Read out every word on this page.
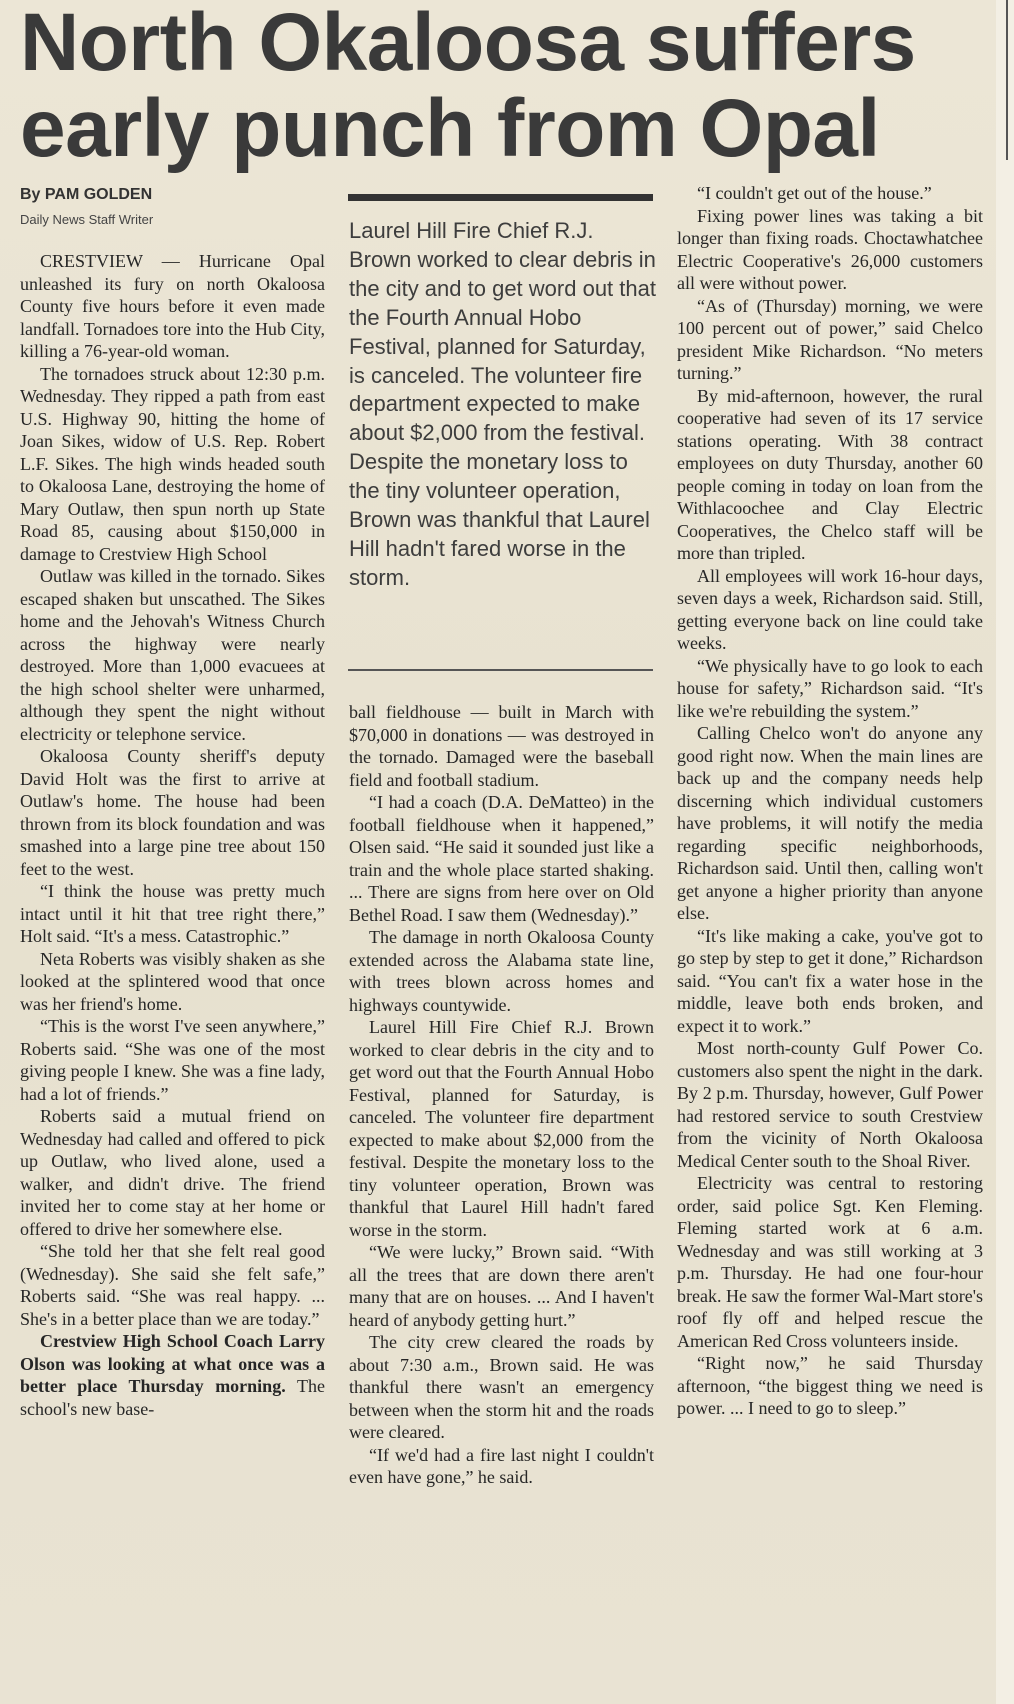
North Okaloosa suffers
early punch from Opal
By PAM GOLDEN
Daily News Staff Writer

CRESTVIEW — Hurricane Opal unleashed its fury on north Okaloosa County five hours before it even made landfall. Tornadoes tore into the Hub City, killing a 76-year-old woman.

The tornadoes struck about 12:30 p.m. Wednesday. They ripped a path from east U.S. Highway 90, hitting the home of Joan Sikes, widow of U.S. Rep. Robert L.F. Sikes. The high winds headed south to Okaloosa Lane, destroying the home of Mary Outlaw, then spun north up State Road 85, causing about $150,000 in damage to Crestview High School

Outlaw was killed in the tornado. Sikes escaped shaken but unscathed. The Sikes home and the Jehovah's Witness Church across the highway were nearly destroyed. More than 1,000 evacuees at the high school shelter were unharmed, although they spent the night without electricity or telephone service.

Okaloosa County sheriff's deputy David Holt was the first to arrive at Outlaw's home. The house had been thrown from its block foundation and was smashed into a large pine tree about 150 feet to the west.

“I think the house was pretty much intact until it hit that tree right there,” Holt said. “It's a mess. Catastrophic.”

Neta Roberts was visibly shaken as she looked at the splintered wood that once was her friend's home.

“This is the worst I've seen anywhere,” Roberts said. “She was one of the most giving people I knew. She was a fine lady, had a lot of friends.”

Roberts said a mutual friend on Wednesday had called and offered to pick up Outlaw, who lived alone, used a walker, and didn't drive. The friend invited her to come stay at her home or offered to drive her somewhere else.

“She told her that she felt real good (Wednesday). She said she felt safe,” Roberts said. “She was real happy. ... She's in a better place than we are today.”

Crestview High School Coach Larry Olson was looking at what once was a better place Thursday morning. The school's new base-

Laurel Hill Fire Chief R.J. Brown worked to clear debris in the city and to get word out that the Fourth Annual Hobo Festival, planned for Saturday, is canceled. The volunteer fire department expected to make about $2,000 from the festival. Despite the monetary loss to the tiny volunteer operation, Brown was thankful that Laurel Hill hadn't fared worse in the storm.

ball fieldhouse — built in March with $70,000 in donations — was destroyed in the tornado. Damaged were the baseball field and football stadium.

“I had a coach (D.A. DeMatteo) in the football fieldhouse when it happened,” Olsen said. “He said it sounded just like a train and the whole place started shaking. ... There are signs from here over on Old Bethel Road. I saw them (Wednesday).”

The damage in north Okaloosa County extended across the Alabama state line, with trees blown across homes and highways countywide.

Laurel Hill Fire Chief R.J. Brown worked to clear debris in the city and to get word out that the Fourth Annual Hobo Festival, planned for Saturday, is canceled. The volunteer fire department expected to make about $2,000 from the festival. Despite the monetary loss to the tiny volunteer operation, Brown was thankful that Laurel Hill hadn't fared worse in the storm.

“We were lucky,” Brown said. “With all the trees that are down there aren't many that are on houses. ... And I haven't heard of anybody getting hurt.”

The city crew cleared the roads by about 7:30 a.m., Brown said. He was thankful there wasn't an emergency between when the storm hit and the roads were cleared.

“If we'd had a fire last night I couldn't even have gone,” he said.

“I couldn't get out of the house.”

Fixing power lines was taking a bit longer than fixing roads. Choctawhatchee Electric Cooperative's 26,000 customers all were without power.

“As of (Thursday) morning, we were 100 percent out of power,” said Chelco president Mike Richardson. “No meters turning.”

By mid-afternoon, however, the rural cooperative had seven of its 17 service stations operating. With 38 contract employees on duty Thursday, another 60 people coming in today on loan from the Withlacoochee and Clay Electric Cooperatives, the Chelco staff will be more than tripled.

All employees will work 16-hour days, seven days a week, Richardson said. Still, getting everyone back on line could take weeks.

“We physically have to go look to each house for safety,” Richardson said. “It's like we're rebuilding the system.”

Calling Chelco won't do anyone any good right now. When the main lines are back up and the company needs help discerning which individual customers have problems, it will notify the media regarding specific neighborhoods, Richardson said. Until then, calling won't get anyone a higher priority than anyone else.

“It's like making a cake, you've got to go step by step to get it done,” Richardson said. “You can't fix a water hose in the middle, leave both ends broken, and expect it to work.”

Most north-county Gulf Power Co. customers also spent the night in the dark. By 2 p.m. Thursday, however, Gulf Power had restored service to south Crestview from the vicinity of North Okaloosa Medical Center south to the Shoal River.

Electricity was central to restoring order, said police Sgt. Ken Fleming. Fleming started work at 6 a.m. Wednesday and was still working at 3 p.m. Thursday. He had one four-hour break. He saw the former Wal-Mart store's roof fly off and helped rescue the American Red Cross volunteers inside.

“Right now,” he said Thursday afternoon, “the biggest thing we need is power. ... I need to go to sleep.”
